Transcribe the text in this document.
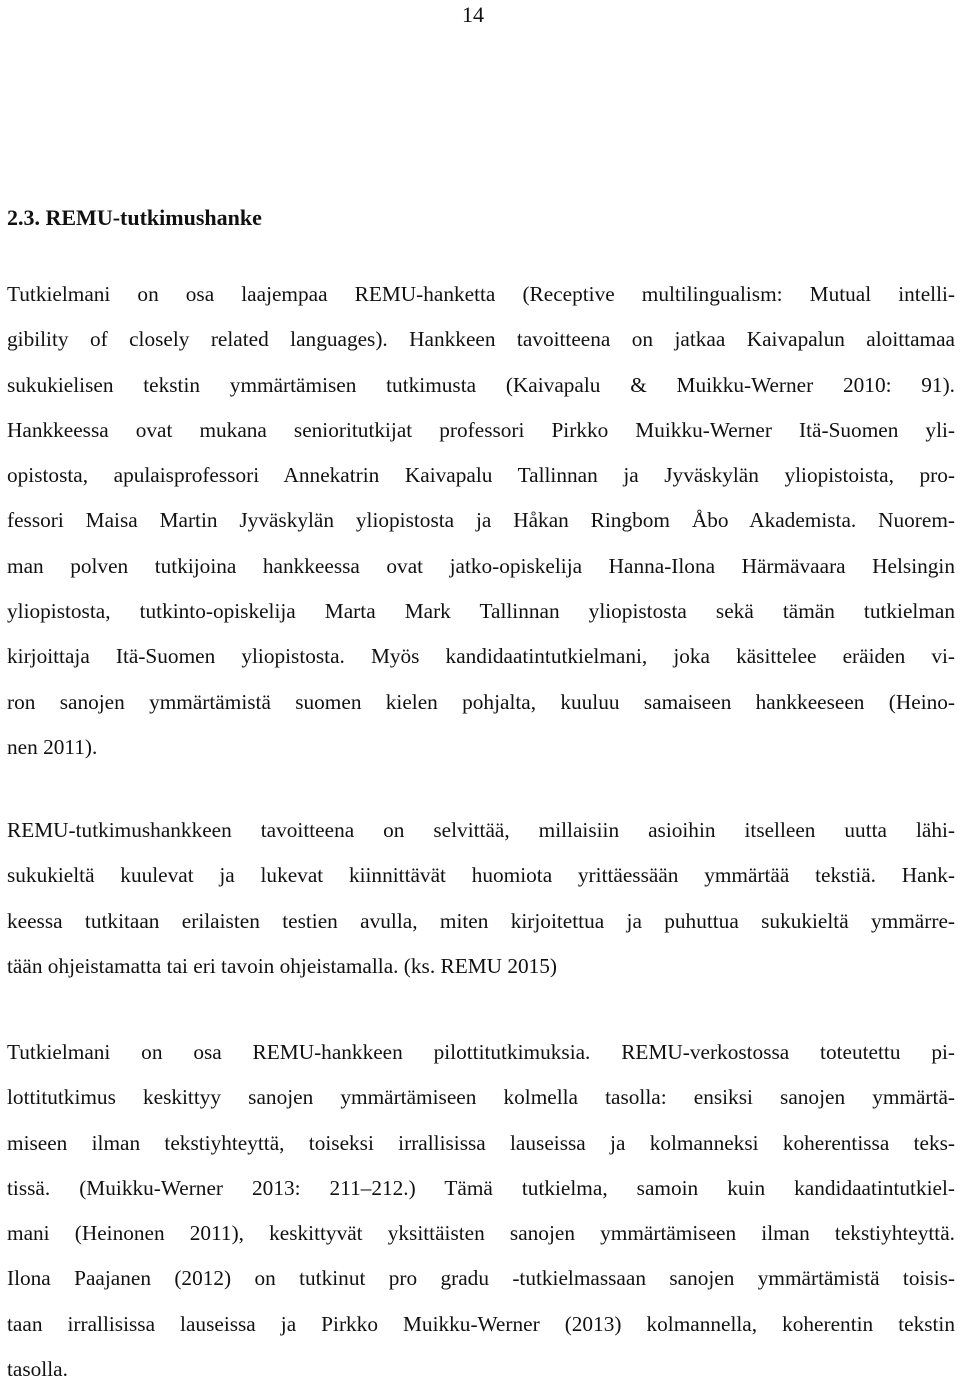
14
2.3. REMU-tutkimushanke
Tutkielmani on osa laajempaa REMU-hanketta (Receptive multilingualism: Mutual intelli-
gibility of closely related languages). Hankkeen tavoitteena on jatkaa Kaivapalun aloittamaa
sukukielisen tekstin ymmärtämisen tutkimusta (Kaivapalu & Muikku-Werner 2010: 91).
Hankkeessa ovat mukana senioritutkijat professori Pirkko Muikku-Werner Itä-Suomen yli-
opistosta, apulaisprofessori Annekatrin Kaivapalu Tallinnan ja Jyväskylän yliopistoista, pro-
fessori Maisa Martin Jyväskylän yliopistosta ja Håkan Ringbom Åbo Akademista. Nuorem-
man polven tutkijoina hankkeessa ovat jatko-opiskelija Hanna-Ilona Härmävaara Helsingin
yliopistosta, tutkinto-opiskelija Marta Mark Tallinnan yliopistosta sekä tämän tutkielman
kirjoittaja Itä-Suomen yliopistosta. Myös kandidaatintutkielmani, joka käsittelee eräiden vi-
ron sanojen ymmärtämistä suomen kielen pohjalta, kuuluu samaiseen hankkeeseen (Heino-
nen 2011).
REMU-tutkimushankkeen tavoitteena on selvittää, millaisiin asioihin itselleen uutta lähi-
sukukieltä kuulevat ja lukevat kiinnittävät huomiota yrittäessään ymmärtää tekstiä. Hank-
keessa tutkitaan erilaisten testien avulla, miten kirjoitettua ja puhuttua sukukieltä ymmärre-
tään ohjeistamatta tai eri tavoin ohjeistamalla. (ks. REMU 2015)
Tutkielmani on osa REMU-hankkeen pilottitutkimuksia. REMU-verkostossa toteutettu pi-
lottitutkimus keskittyy sanojen ymmärtämiseen kolmella tasolla: ensiksi sanojen ymmärtä-
miseen ilman tekstiyhteyttä, toiseksi irrallisissa lauseissa ja kolmanneksi koherentissa teks-
tissä. (Muikku-Werner 2013: 211–212.) Tämä tutkielma, samoin kuin kandidaatintutkiel-
mani (Heinonen 2011), keskittyvät yksittäisten sanojen ymmärtämiseen ilman tekstiyhteyttä.
Ilona Paajanen (2012) on tutkinut pro gradu -tutkielmassaan sanojen ymmärtämistä toisis-
taan irrallisissa lauseissa ja Pirkko Muikku-Werner (2013) kolmannella, koherentin tekstin
tasolla.
